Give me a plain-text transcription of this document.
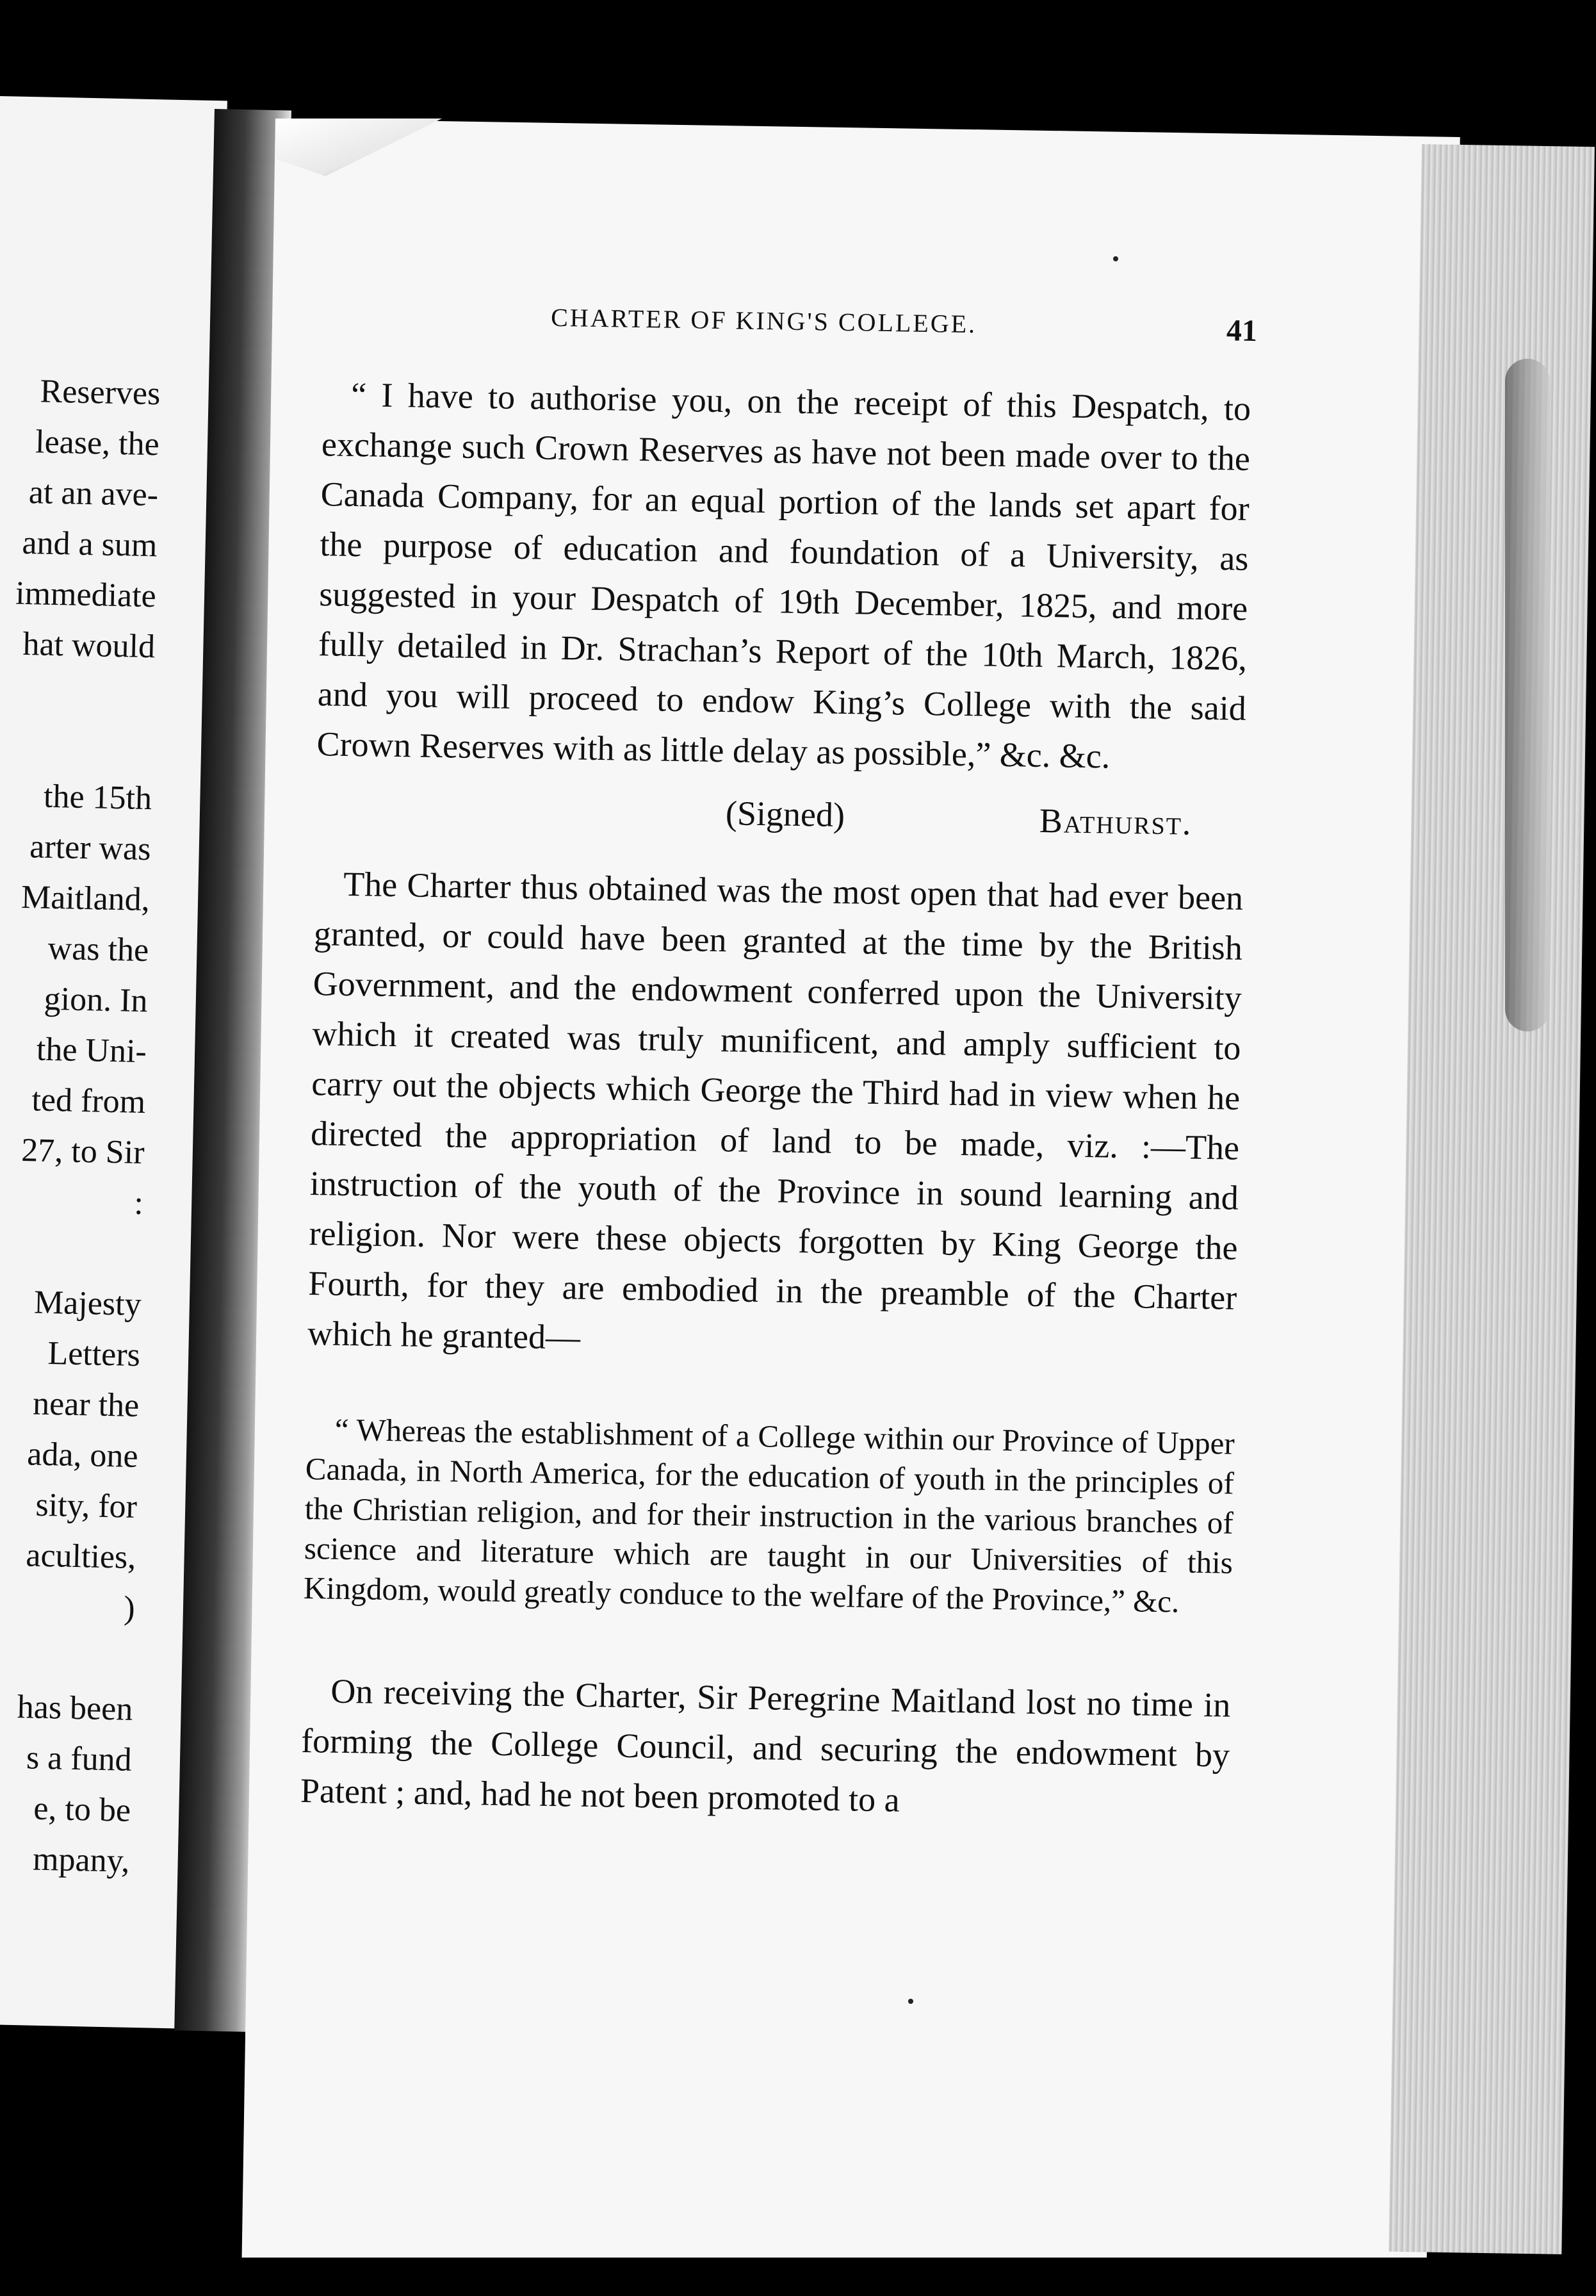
Reserves
lease, the
at an ave-
and a sum
immediate
hat would
the 15th
arter was
Maitland,
was the
gion. In
the Uni-
ted from
27, to Sir
:
Majesty
Letters
near the
ada, one
sity, for
aculties,
)
has been
s a fund
e, to be
mpany,
CHARTER OF KING'S COLLEGE.	41

“ I have to authorise you, on the receipt of this Despatch, to exchange such Crown Reserves as have not been made over to the Canada Company, for an equal portion of the lands set apart for the purpose of education and foundation of a University, as suggested in your Despatch of 19th December, 1825, and more fully detailed in Dr. Strachan’s Report of the 10th March, 1826, and you will proceed to endow King’s College with the said Crown Reserves with as little delay as possible,” &c. &c.

(Signed)	Bathurst.

The Charter thus obtained was the most open that had ever been granted, or could have been granted at the time by the British Government, and the endowment conferred upon the University which it created was truly munificent, and amply sufficient to carry out the objects which George the Third had in view when he directed the appropriation of land to be made, viz. :—The instruction of the youth of the Province in sound learning and religion. Nor were these objects forgotten by King George the Fourth, for they are embodied in the preamble of the Charter which he granted—

“ Whereas the establishment of a College within our Province of Upper Canada, in North America, for the education of youth in the principles of the Christian religion, and for their instruction in the various branches of science and literature which are taught in our Universities of this Kingdom, would greatly conduce to the welfare of the Province,” &c.

On receiving the Charter, Sir Peregrine Maitland lost no time in forming the College Council, and securing the endowment by Patent ; and, had he not been promoted to a
